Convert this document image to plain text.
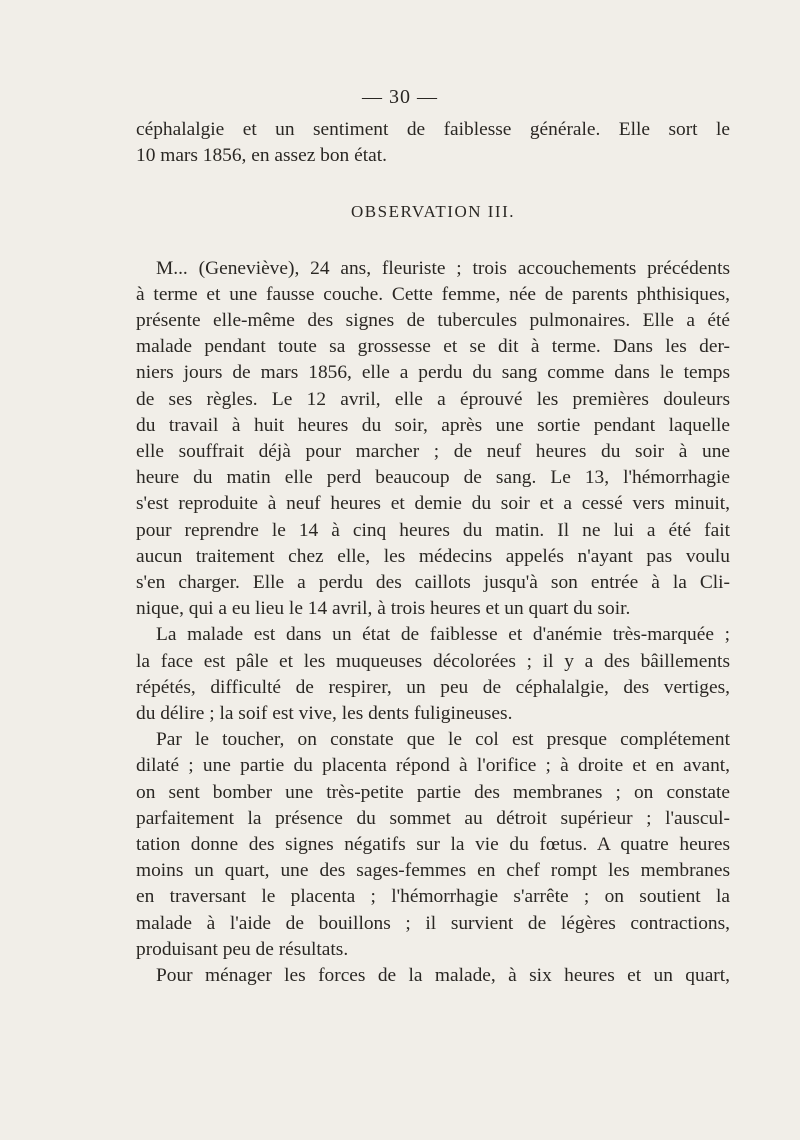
— 30 —
céphalalgie et un sentiment de faiblesse générale. Elle sort le
10 mars 1856, en assez bon état.
OBSERVATION III.
M... (Geneviève), 24 ans, fleuriste ; trois accouchements précédents
à terme et une fausse couche. Cette femme, née de parents phthisiques,
présente elle-même des signes de tubercules pulmonaires. Elle a été
malade pendant toute sa grossesse et se dit à terme. Dans les der-
niers jours de mars 1856, elle a perdu du sang comme dans le temps
de ses règles. Le 12 avril, elle a éprouvé les premières douleurs
du travail à huit heures du soir, après une sortie pendant laquelle
elle souffrait déjà pour marcher ; de neuf heures du soir à une
heure du matin elle perd beaucoup de sang. Le 13, l'hémorrhagie
s'est reproduite à neuf heures et demie du soir et a cessé vers minuit,
pour reprendre le 14 à cinq heures du matin. Il ne lui a été fait
aucun traitement chez elle, les médecins appelés n'ayant pas voulu
s'en charger. Elle a perdu des caillots jusqu'à son entrée à la Cli-
nique, qui a eu lieu le 14 avril, à trois heures et un quart du soir.
La malade est dans un état de faiblesse et d'anémie très-marquée ;
la face est pâle et les muqueuses décolorées ; il y a des bâillements
répétés, difficulté de respirer, un peu de céphalalgie, des vertiges,
du délire ; la soif est vive, les dents fuligineuses.
Par le toucher, on constate que le col est presque complétement
dilaté ; une partie du placenta répond à l'orifice ; à droite et en avant,
on sent bomber une très-petite partie des membranes ; on constate
parfaitement la présence du sommet au détroit supérieur ; l'auscul-
tation donne des signes négatifs sur la vie du fœtus. A quatre heures
moins un quart, une des sages-femmes en chef rompt les membranes
en traversant le placenta ; l'hémorrhagie s'arrête ; on soutient la
malade à l'aide de bouillons ; il survient de légères contractions,
produisant peu de résultats.
Pour ménager les forces de la malade, à six heures et un quart,
